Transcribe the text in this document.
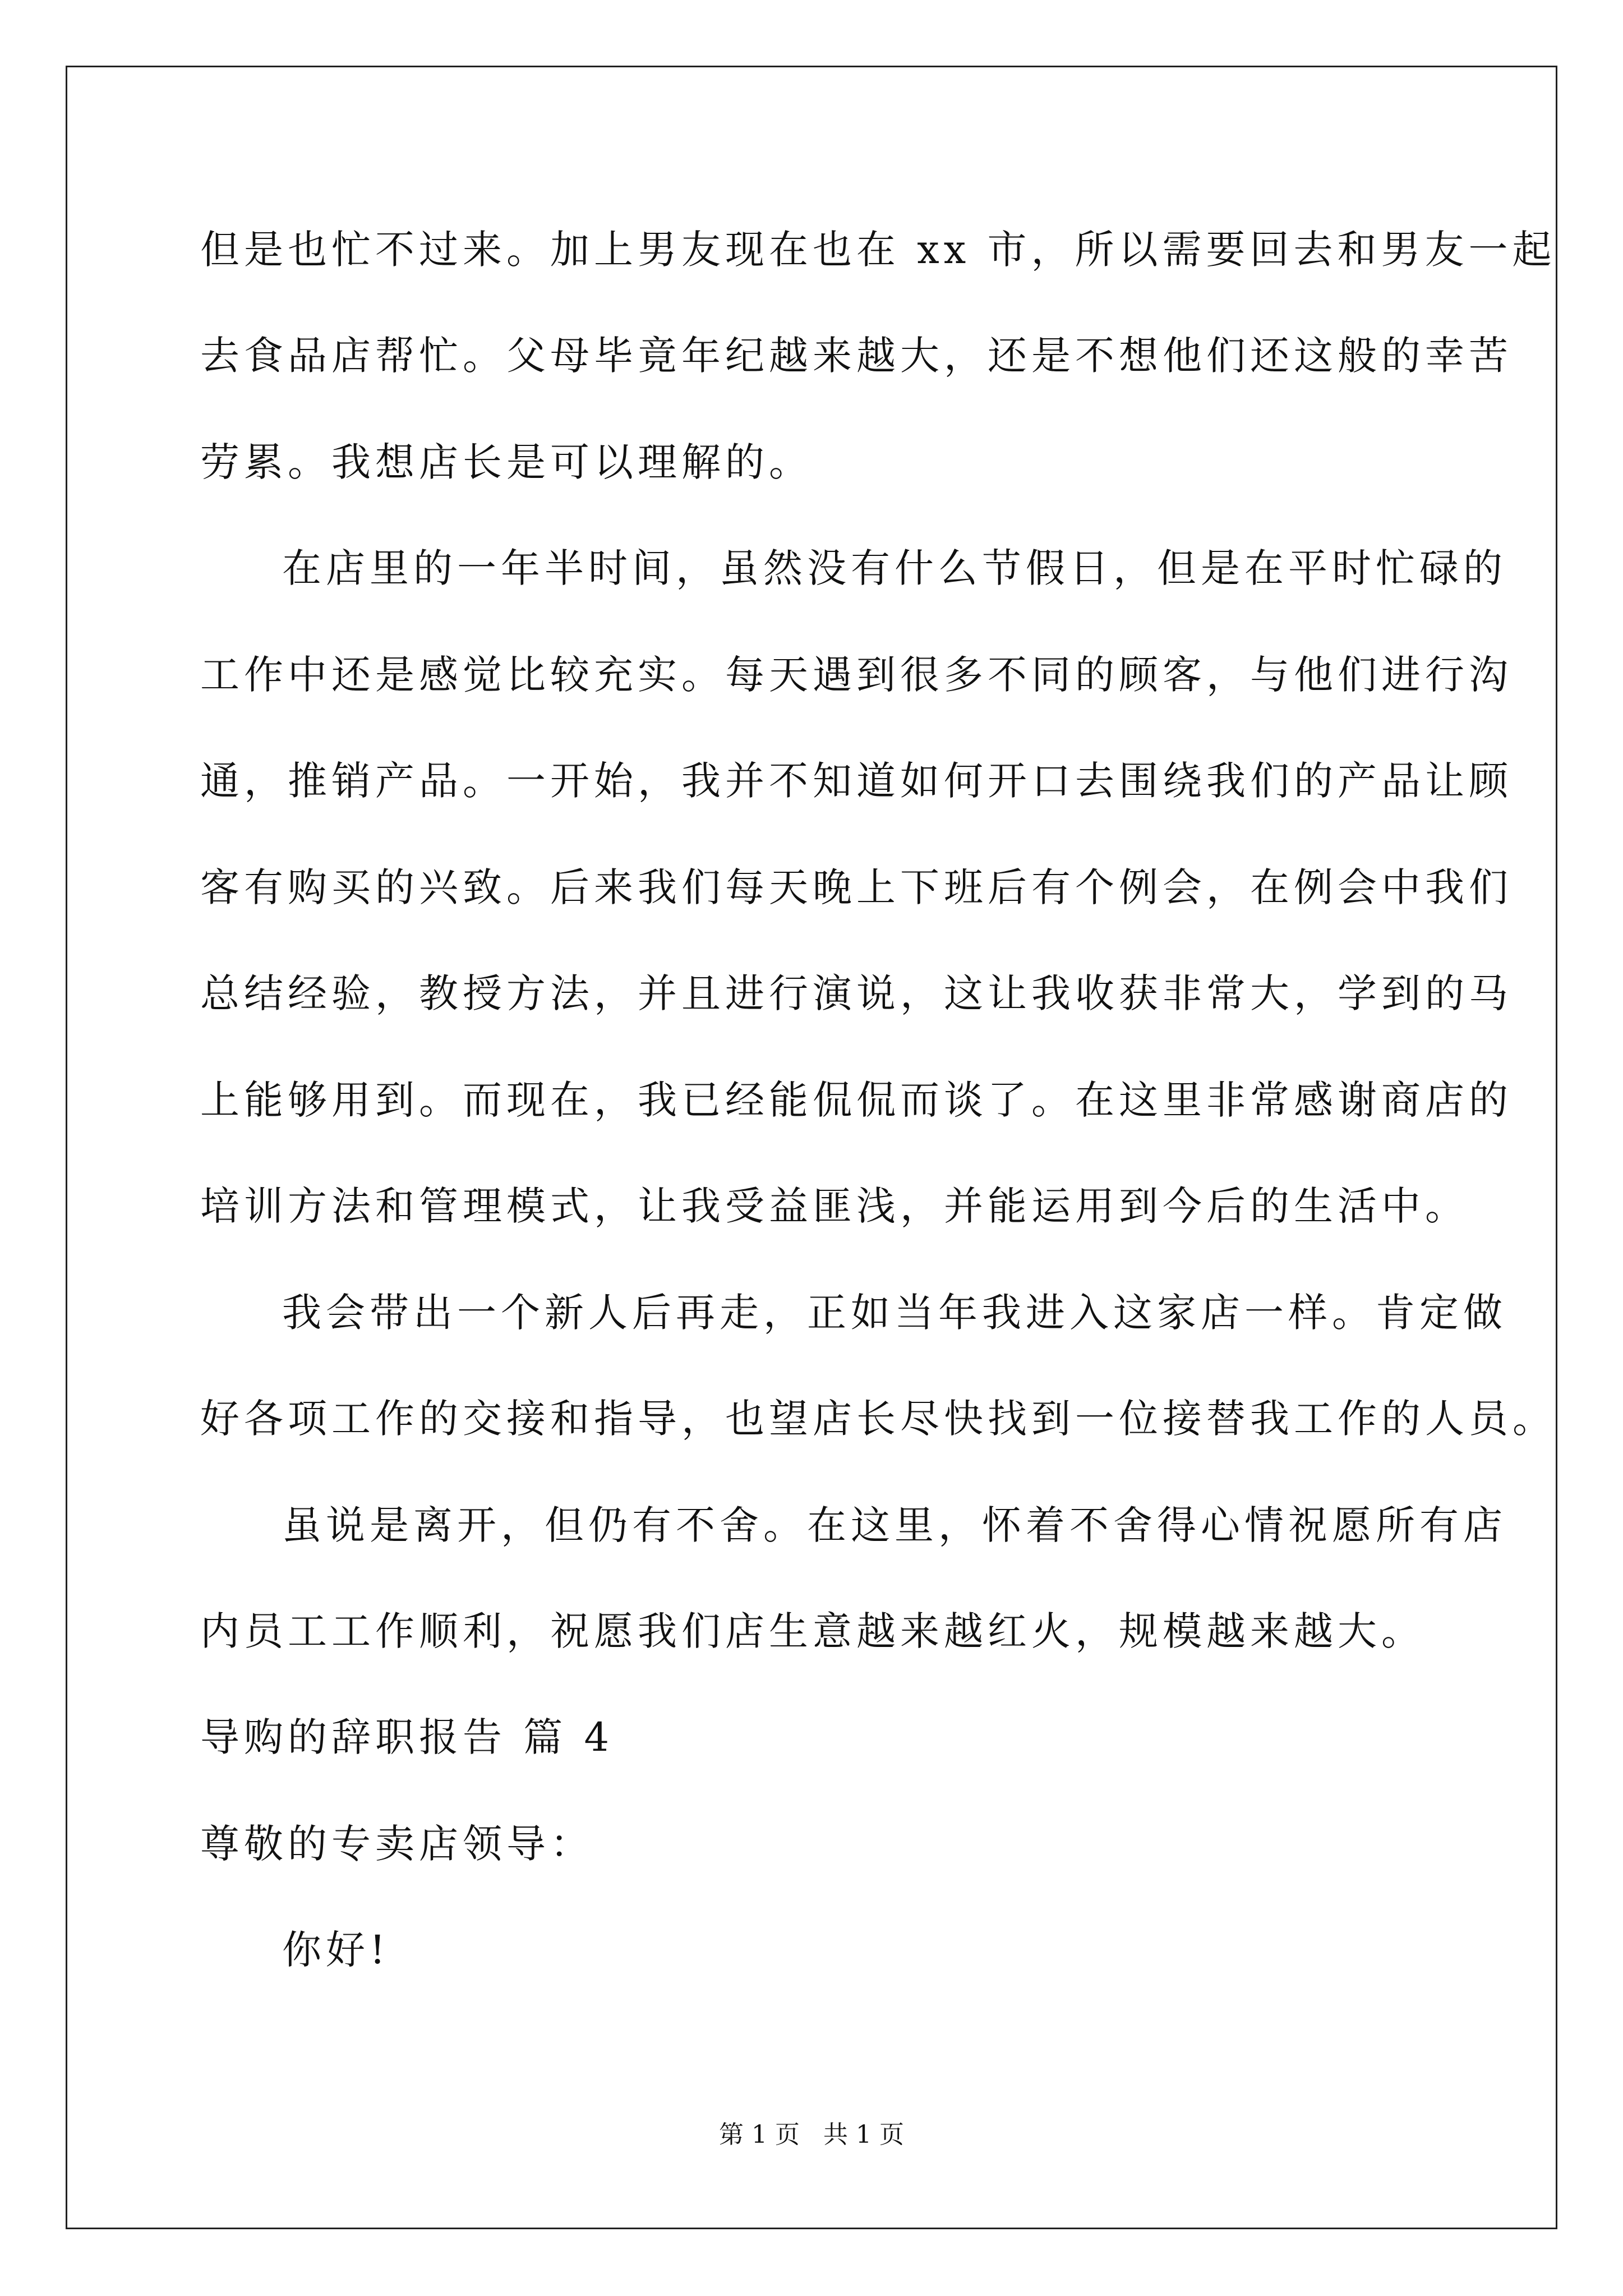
但是也忙不过来。加上男友现在也在 xx 市，所以需要回去和男友一起
去食品店帮忙。父母毕竟年纪越来越大，还是不想他们还这般的幸苦
劳累。我想店长是可以理解的。
在店里的一年半时间，虽然没有什么节假日，但是在平时忙碌的
工作中还是感觉比较充实。每天遇到很多不同的顾客，与他们进行沟
通，推销产品。一开始，我并不知道如何开口去围绕我们的产品让顾
客有购买的兴致。后来我们每天晚上下班后有个例会，在例会中我们
总结经验，教授方法，并且进行演说，这让我收获非常大，学到的马
上能够用到。而现在，我已经能侃侃而谈了。在这里非常感谢商店的
培训方法和管理模式，让我受益匪浅，并能运用到今后的生活中。
我会带出一个新人后再走，正如当年我进入这家店一样。肯定做
好各项工作的交接和指导，也望店长尽快找到一位接替我工作的人员。
虽说是离开，但仍有不舍。在这里，怀着不舍得心情祝愿所有店
内员工工作顺利，祝愿我们店生意越来越红火，规模越来越大。
导购的辞职报告 篇 4
尊敬的专卖店领导：
你好!
第 1 页   共 1 页
